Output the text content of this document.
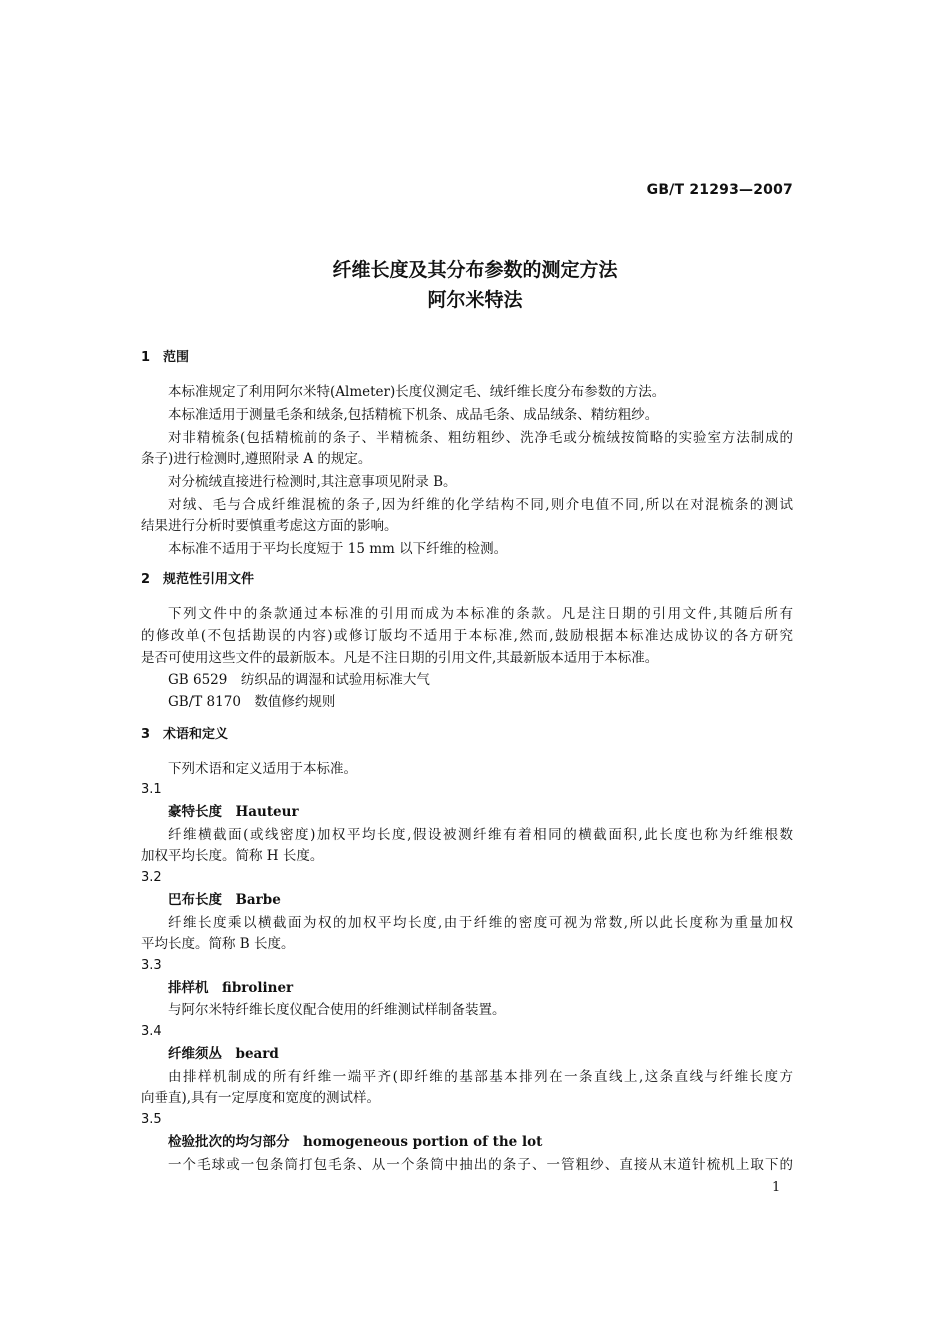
GB/T 21293—2007
纤维长度及其分布参数的测定方法
阿尔米特法
1　范围
本标准规定了利用阿尔米特(Almeter)长度仪测定毛、绒纤维长度分布参数的方法。
本标准适用于测量毛条和绒条,包括精梳下机条、成品毛条、成品绒条、精纺粗纱。
对非精梳条(包括精梳前的条子、半精梳条、粗纺粗纱、洗净毛或分梳绒按简略的实验室方法制成的
条子)进行检测时,遵照附录 A 的规定。
对分梳绒直接进行检测时,其注意事项见附录 B。
对绒、毛与合成纤维混梳的条子,因为纤维的化学结构不同,则介电值不同,所以在对混梳条的测试
结果进行分析时要慎重考虑这方面的影响。
本标准不适用于平均长度短于 15 mm 以下纤维的检测。
2　规范性引用文件
下列文件中的条款通过本标准的引用而成为本标准的条款。凡是注日期的引用文件,其随后所有
的修改单(不包括勘误的内容)或修订版均不适用于本标准,然而,鼓励根据本标准达成协议的各方研究
是否可使用这些文件的最新版本。凡是不注日期的引用文件,其最新版本适用于本标准。
GB 6529　纺织品的调湿和试验用标准大气
GB/T 8170　数值修约规则
3　术语和定义
下列术语和定义适用于本标准。
3.1
豪特长度　Hauteur
纤维横截面(或线密度)加权平均长度,假设被测纤维有着相同的横截面积,此长度也称为纤维根数
加权平均长度。简称 H 长度。
3.2
巴布长度　Barbe
纤维长度乘以横截面为权的加权平均长度,由于纤维的密度可视为常数,所以此长度称为重量加权
平均长度。简称 B 长度。
3.3
排样机　fibroliner
与阿尔米特纤维长度仪配合使用的纤维测试样制备装置。
3.4
纤维须丛　beard
由排样机制成的所有纤维一端平齐(即纤维的基部基本排列在一条直线上,这条直线与纤维长度方
向垂直),具有一定厚度和宽度的测试样。
3.5
检验批次的均匀部分　homogeneous portion of the lot
一个毛球或一包条筒打包毛条、从一个条筒中抽出的条子、一管粗纱、直接从末道针梳机上取下的
1
